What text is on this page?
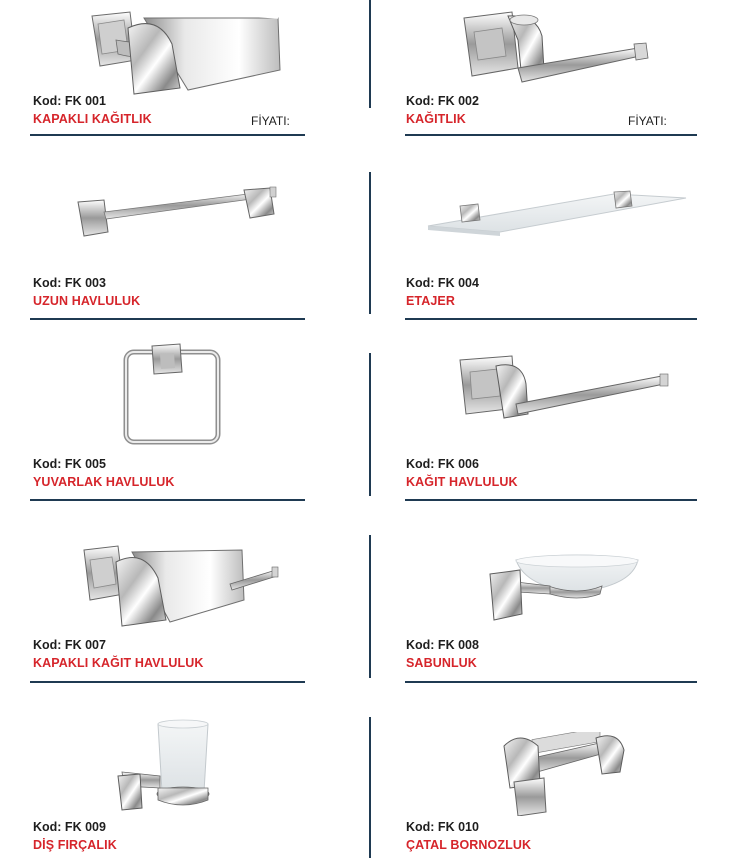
Kod: FK 001
KAPAKLI KAĞITLIK	FİYATI:
Kod: FK 002
KAĞITLIK	FİYATI:
Kod: FK 003
UZUN HAVLULUK
Kod: FK 004
ETAJER
Kod: FK 005
YUVARLAK HAVLULUK
Kod: FK 006
KAĞIT HAVLULUK
Kod: FK 007
KAPAKLI KAĞIT HAVLULUK
Kod: FK 008
SABUNLUK
Kod: FK 009
DİŞ FIRÇALIK
Kod: FK 010
ÇATAL BORNOZLUK
